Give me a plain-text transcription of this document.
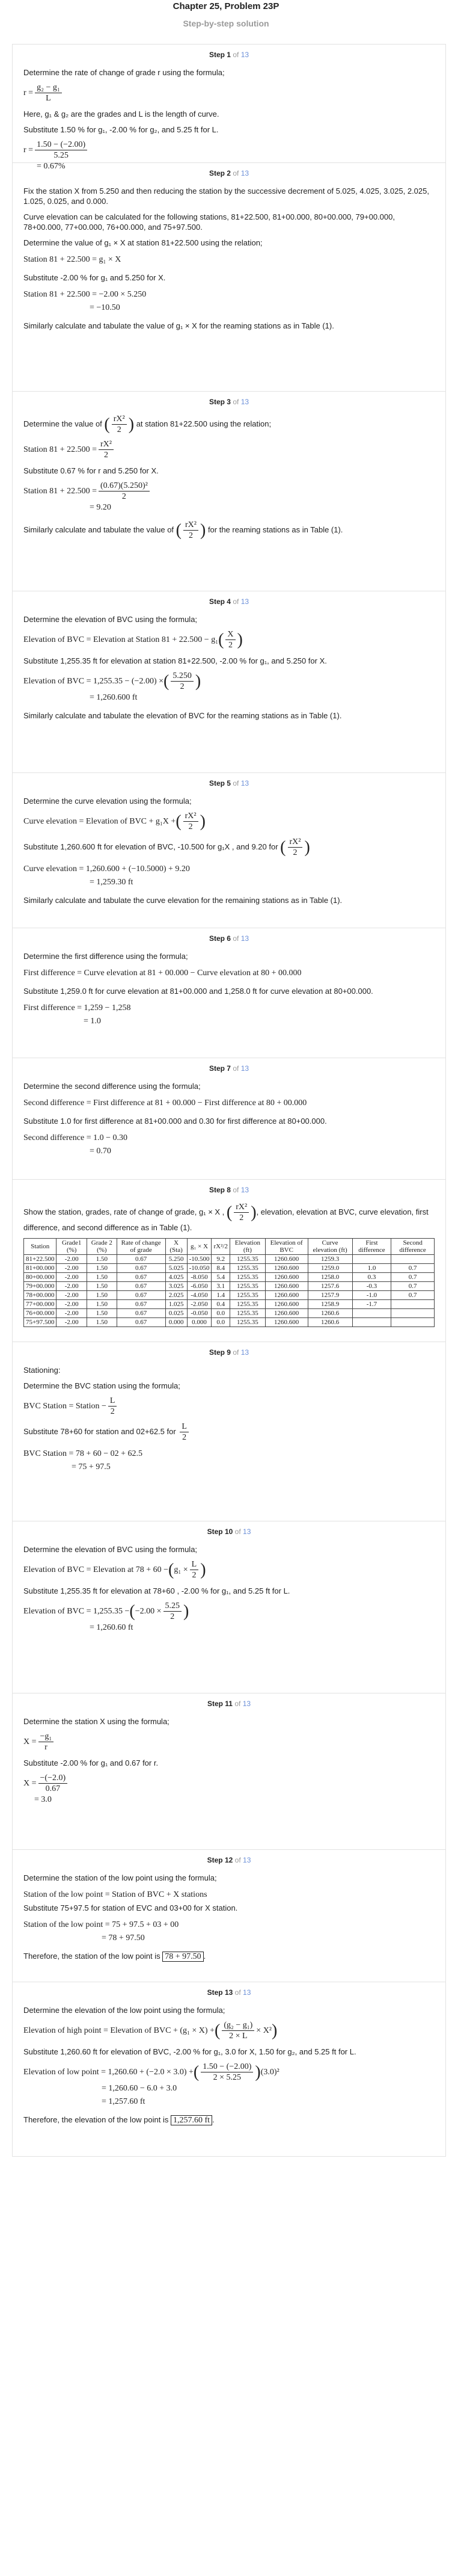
Chapter 25, Problem 23P
Step-by-step solution
Step 1 of 13

Determine the rate of change of grade r using the formula;

$r = \frac{\text{g₂ − g₁}}{L}$

Here, g₁ & g₂ are the grades and L is the length of curve.

Substitute 1.50 % for g₁, -2.00 % for g₂, and 5.25 ft for L.

$r = \frac{1.50 - (-2.00)}{5.25}$
= 0.67%
Step 2 of 13

Fix the station X from 5.250 and then reducing the station by the successive decrement of 5.025, 4.025, 3.025, 2.025, 1.025, 0.025, and 0.000.

Curve elevation can be calculated for the following stations, 81+22.500, 81+00.000, 80+00.000, 79+00.000, 78+00.000, 77+00.000, 76+00.000, and 75+97.500.

Determine the value of g₁ × X at station 81+22.500 using the relation;

Station 81 + 22.500 = g₁ × X

Substitute -2.00 % for g₁ and 5.250 for X.

Station 81 + 22.500 = −2.00 × 5.250
= −10.50

Similarly calculate and tabulate the value of g₁ × X for the reaming stations as in Table (1).

Step 3 of 13

Determine the value of ( $\frac{\text{rX²}}{2}$ ) at station 81+22.500 using the relation;

Station $81 + 22.500 = \frac{\text{rX²}}{2}$

Substitute 0.67 % for r and 5.250 for X.

Station $81 + 22.500 = \frac{\text{(0.67)(5.250)²}}{2}$
= 9.20

Similarly calculate and tabulate the value of ( $\frac{\text{rX²}}{2}$ ) for the reaming stations as in Table (1).

Step 4 of 13

Determine the elevation of BVC using the formula;

Elevation of BVC = Elevation at Station 81 + 22.500 − g₁ ( $\frac{X}{2}$ )

Substitute 1,255.35 ft for elevation at station 81+22.500, -2.00 % for g₁, and 5.250 for X.

Elevation of BVC = 1,255.35 − (−2.00) × ( $\frac{5.250}{2}$ )
= 1,260.600 ft

Similarly calculate and tabulate the elevation of BVC for the reaming stations as in Table (1).

Step 5 of 13

Determine the curve elevation using the formula;

Curve elevation = Elevation of BVC + g₁X + ( $\frac{\text{rX²}}{2}$ )

Substitute 1,260.600 ft for elevation of BVC, -10.500 for g₁X , and 9.20 for ( $\frac{\text{rX²}}{2}$ )

Curve elevation = 1,260.600 + (−10.5000) + 9.20
= 1,259.30 ft

Similarly calculate and tabulate the curve elevation for the remaining stations as in Table (1).

Step 6 of 13

Determine the first difference using the formula;

First difference = Curve elevation at 81 + 00.000 − Curve elevation at 80 + 00.000

Substitute 1,259.0 ft for curve elevation at 81+00.000 and 1,258.0 ft for curve elevation at 80+00.000.

First difference = 1,259 − 1,258
= 1.0
Step 7 of 13

Determine the second difference using the formula;

Second difference = First difference at 81 + 00.000 − First difference at 80 + 00.000

Substitute 1.0 for first difference at 81+00.000 and 0.30 for first difference at 80+00.000.

Second difference = 1.0 − 0.30
= 0.70
Step 8 of 13

Show the station, grades, rate of change of grade, g₁ × X , ( $\frac{\text{rX²}}{2}$ ) , elevation, elevation at BVC, curve elevation, first difference, and second difference as in Table (1).

Station	Grade1 (%)	Grade 2 (%)	Rate of change of grade	X (Sta)	g₁ × X	rX²/2	Elevation (ft)	Elevation of BVC	Curve elevation (ft)	First difference	Second difference
81+22.500	-2.00	1.50	0.67	5.250	-10.500	9.2	1255.35	1260.600	1259.3		
81+00.000	-2.00	1.50	0.67	5.025	-10.050	8.4	1255.35	1260.600	1259.0	1.0	0.7
80+00.000	-2.00	1.50	0.67	4.025	-8.050	5.4	1255.35	1260.600	1258.0	0.3	0.7
79+00.000	-2.00	1.50	0.67	3.025	-6.050	3.1	1255.35	1260.600	1257.6	-0.3	0.7
78+00.000	-2.00	1.50	0.67	2.025	-4.050	1.4	1255.35	1260.600	1257.9	-1.0	0.7
77+00.000	-2.00	1.50	0.67	1.025	-2.050	0.4	1255.35	1260.600	1258.9	-1.7	
76+00.000	-2.00	1.50	0.67	0.025	-0.050	0.0	1255.35	1260.600	1260.6		
75+97.500	-2.00	1.50	0.67	0.000	0.000	0.0	1255.35	1260.600	1260.6		
Step 9 of 13

Stationing:

Determine the BVC station using the formula;

BVC Station = Station − $\frac{L}{2}$

Substitute 78+60 for station and 02+62.5 for $\frac{L}{2}$

BVC Station = 78 + 60 − 02 + 62.5
= 75 + 97.5
Step 10 of 13

Determine the elevation of BVC using the formula;

Elevation of BVC = Elevation at 78 + 60 − ( $g_1 \times \frac{L}{2}$ )

Substitute 1,255.35 ft for elevation at 78+60 , -2.00 % for g₁, and 5.25 ft for L.

Elevation of BVC = 1,255.35 − ( $-2.00 \times \frac{5.25}{2}$ )
= 1,260.60 ft
Step 11 of 13

Determine the station X using the formula;

$X = \frac{\text{−g₁}}{r}$

Substitute -2.00 % for g₁ and 0.67 for r.

$X = \frac{-(-2.0)}{0.67}$
= 3.0
Step 12 of 13

Determine the station of the low point using the formula;

Station of the low point = Station of BVC + X stations

Substitute 75+97.5 for station of EVC and 03+00 for X station.

Station of the low point = 75 + 97.5 + 03 + 00
= 78 + 97.50

Therefore, the station of the low point is 78 + 97.50 .

Step 13 of 13

Determine the elevation of the low point using the formula;

Elevation of high point = Elevation of BVC + (g₁ × X) + ( $\frac{\text{(g₂ − g₁)}}{2 \times L} \times X^2$ )

Substitute 1,260.60 ft for elevation of BVC, -2.00 % for g₁, 3.0 for X, 1.50 for g₂, and 5.25 ft for L.

Elevation of low point = 1,260.60 + (−2.0 × 3.0) + ( $\frac{1.50 - (-2.00)}{2 \times 5.25}$ ) (3.0)²
= 1,260.60 − 6.0 + 3.0
= 1,257.60 ft

Therefore, the elevation of the low point is 1,257.60 ft .
